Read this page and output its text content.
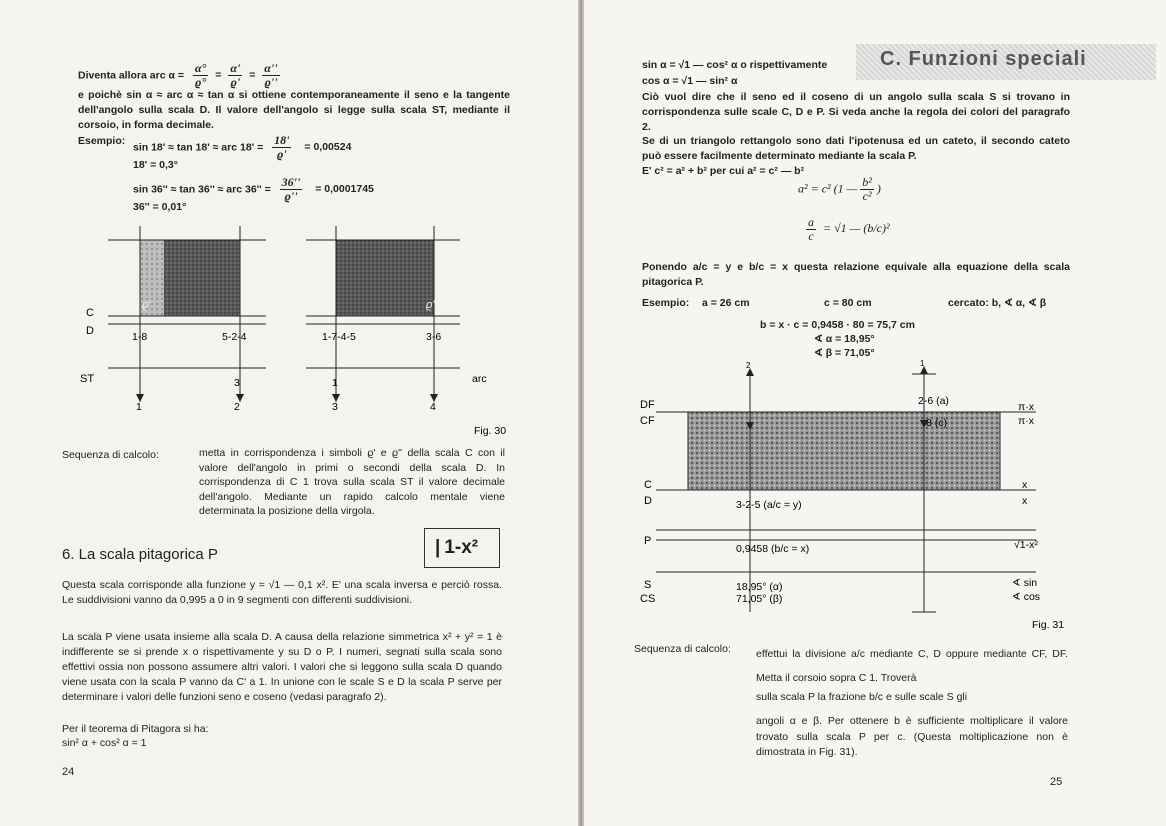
Diventa allora arc $\alpha = \frac{\alpha^\circ}{ϱ^\circ} = \frac{\alpha'}{ϱ'} = \frac{\alpha''}{ϱ''}$
e poichè sin α ≈ arc α ≈ tan α si ottiene contemporaneamente il seno e la tangente dell'angolo sulla scala D. Il valore dell'angolo si legge sulla scala ST, mediante il corsoio, in forma decimale.
Esempio:
sin 18' ≈ tan 18' ≈ arc $18' = \frac{18'}{ϱ'} = 0,00524$
18' = 0,3°
sin 36'' ≈ tan 36'' ≈ arc $36'' = \frac{36''}{ϱ''} = 0,0001745$
36'' = 0,01°
C
D
ST
ϱ'	ϱ''
1-8	5-2-4	1-7-4-5	3-6
3
2
1
1
3	4
arc
Fig. 30
Sequenza di calcolo:	metta in corrispondenza i simboli ϱ' e ϱ'' della scala C con il valore dell'angolo in primi o secondi della scala D. In corrispondenza di C 1 trova sulla scala ST il valore decimale dell'angolo. Mediante un rapido calcolo mentale viene determinata la posizione della virgola.
6. La scala pitagorica P	| 1-x²
Questa scala corrisponde alla funzione y = √1 — 0,1 x². E' una scala inversa e perciò rossa. Le suddivisioni vanno da 0,995 a 0 in 9 segmenti con differenti suddivisioni.
La scala P viene usata insieme alla scala D. A causa della relazione simmetrica x² + y² = 1 è indifferente se si prende x o rispettivamente y su D o P. I numeri, segnati sulla scala sono effettivi ossia non possono assumere altri valori. I valori che si leggono sulla scala D quando viene usata con la scala P vanno da C' a 1. In unione con le scale S e D la scala P serve per determinare i valori delle funzioni seno e coseno (vedasi paragrafo 2).
Per il teorema di Pitagora si ha:
sin² α + cos² α = 1
24
C. Funzioni speciali
sin α = √1 — cos² α o rispettivamente
cos α = √1 — sin² α
Ciò vuol dire che il seno ed il coseno di un angolo sulla scala S si trovano in corrispondenza sulle scale C, D e P. Si veda anche la regola dei colori del paragrafo 2.
Se di un triangolo rettangolo sono dati l'ipotenusa ed un cateto, il secondo cateto può essere facilmente determinato mediante la scala P.
E' c² = a² + b² per cui a² = c² — b²
a² = c² (1 — $\frac{\text{b²}}{\text{c²}}$ )
$\frac{a}{c} = √1$ — (b/c)²
Ponendo a/c = y e b/c = x questa relazione equivale alla equazione della scala pitagorica P.
Esempio: a = 26 cm	c = 80 cm	cercato: b, ∢ α, ∢ β
b = x · c = 0,9458 · 80 = 75,7 cm
∢ α = 18,95°
∢ β = 71,05°
DF
CF
C
D
P
S
CS
2	1
2-6 (a)
8 (c)
3-2-5 (a/c = y)
0,9458 (b/c = x)
18,95° (α)
71,05° (β)
π·x
π·x
x
x
√1-x²
∢ sin
∢ cos
Fig. 31
Sequenza di calcolo: effettui la divisione a/c mediante C, D oppure mediante CF, DF. Metta il corsoio sopra C 1. Troverà
sulla scala P la frazione b/c e sulle scale S gli
angoli α e β. Per ottenere b è sufficiente moltiplicare il valore trovato sulla scala P per c. (Questa moltiplicazione non è dimostrata in Fig. 31).
25
